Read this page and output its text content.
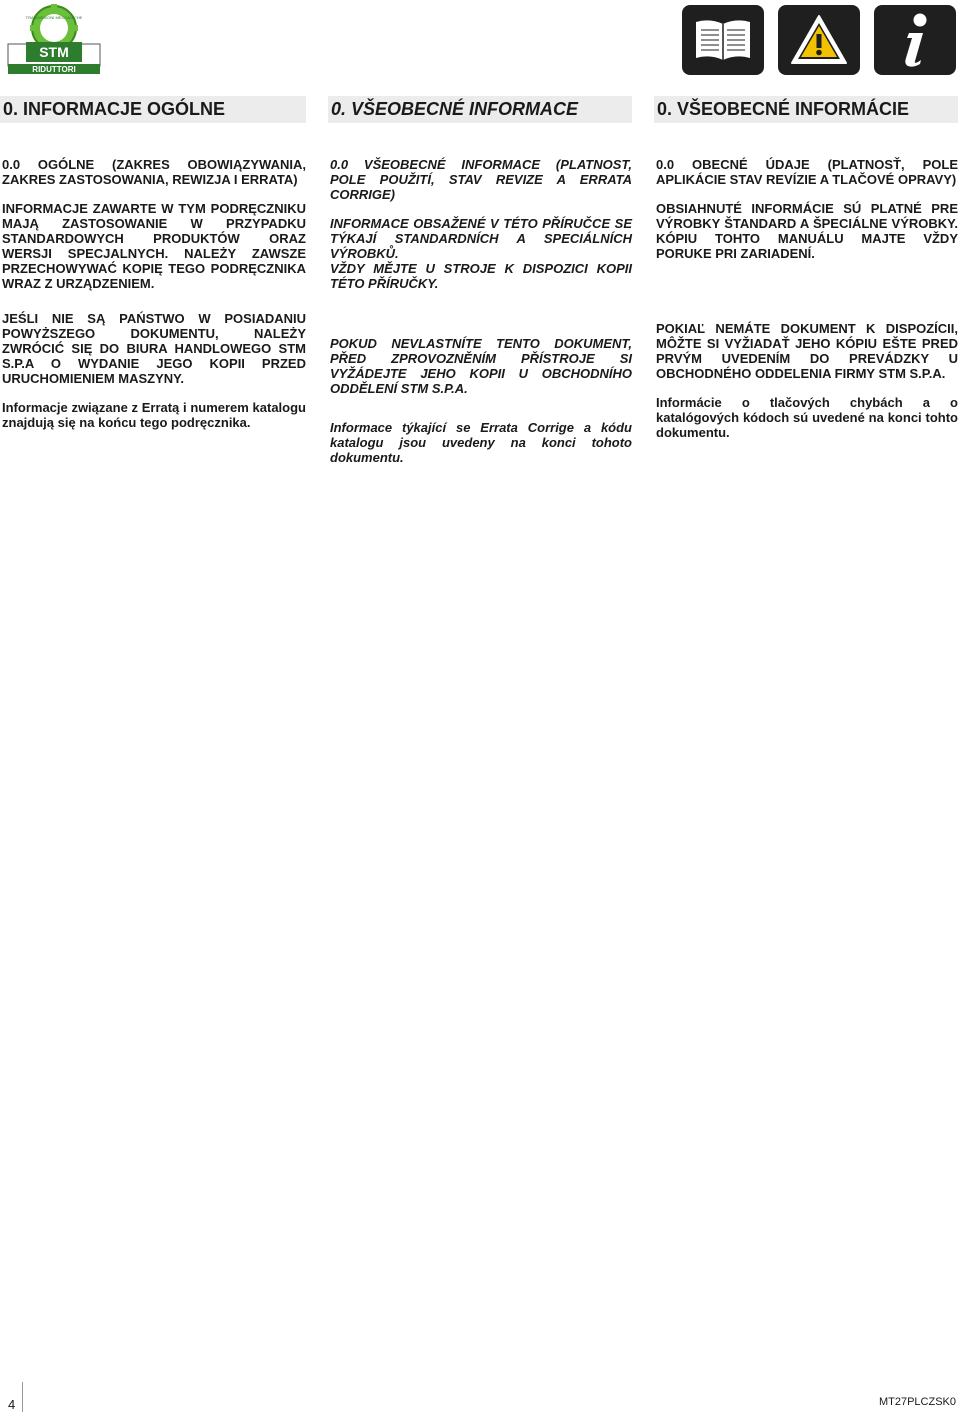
STM
RIDUTTORI
TRASMISSIONI MECCANICHE
0. INFORMACJE OGÓLNE

0.0 OGÓLNE (ZAKRES OBOWIĄZYWANIA, ZAKRES ZASTOSOWANIA, REWIZJA I ERRATA)

INFORMACJE ZAWARTE W TYM PODRĘCZNIKU MAJĄ ZASTOSOWANIE W PRZYPADKU STANDARDOWYCH PRODUKTÓW ORAZ WERSJI SPECJALNYCH. NALEŻY ZAWSZE PRZECHOWYWAĆ KOPIĘ TEGO PODRĘCZNIKA WRAZ Z URZĄDZENIEM.

JEŚLI NIE SĄ PAŃSTWO W POSIADANIU POWYŻSZEGO DOKUMENTU, NALEŻY ZWRÓCIĆ SIĘ DO BIURA HANDLOWEGO STM S.P.A O WYDANIE JEGO KOPII PRZED URUCHOMIENIEM MASZYNY.

Informacje związane z Erratą i numerem katalogu znajdują się na końcu tego podręcznika.

0. VŠEOBECNÉ INFORMACE

0.0 VŠEOBECNÉ INFORMACE (PLATNOST, POLE POUŽITÍ, STAV REVIZE A ERRATA CORRIGE)

INFORMACE OBSAŽENÉ V TÉTO PŘÍRUČCE SE TÝKAJÍ STANDARDNÍCH A SPECIÁLNÍCH VÝROBKŮ.

VŽDY MĚJTE U STROJE K DISPOZICI KOPII TÉTO PŘÍRUČKY.

POKUD NEVLASTNÍTE TENTO DOKUMENT, PŘED ZPROVOZNĚNÍM PŘÍSTROJE SI VYŽÁDEJTE JEHO KOPII U OBCHODNÍHO ODDĚLENÍ STM S.P.A.

Informace týkající se Errata Corrige a kódu katalogu jsou uvedeny na konci tohoto dokumentu.

0. VŠEOBECNÉ INFORMÁCIE

0.0 OBECNÉ ÚDAJE (PLATNOSŤ, POLE APLIKÁCIE STAV REVÍZIE A TLAČOVÉ OPRAVY)

OBSIAHNUTÉ INFORMÁCIE SÚ PLATNÉ PRE VÝROBKY ŠTANDARD A ŠPECIÁLNE VÝROBKY. KÓPIU TOHTO MANUÁLU MAJTE VŽDY PORUKE PRI ZARIADENÍ.

POKIAĽ NEMÁTE DOKUMENT K DISPOZÍCII, MÔŽTE SI VYŽIADAŤ JEHO KÓPIU EŠTE PRED PRVÝM UVEDENÍM DO PREVÁDZKY U OBCHODNÉHO ODDELENIA FIRMY STM S.P.A.

Informácie o tlačových chybách a o katalógových kódoch sú uvedené na konci tohto dokumentu.

4	MT27PLCZSK0
